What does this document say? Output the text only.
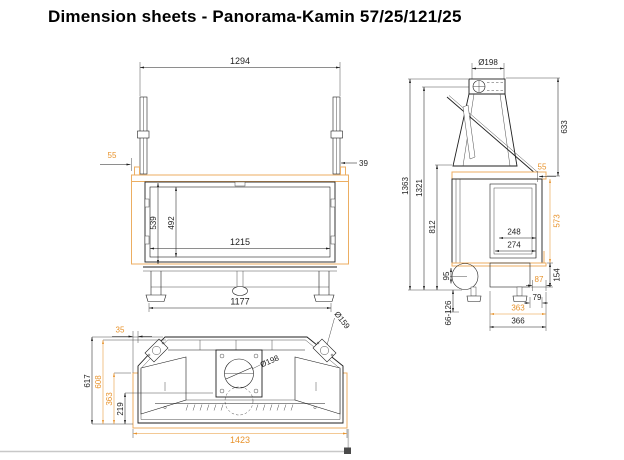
Dimension sheets - Panorama-Kamin 57/25/121/25
1294
55
39
539 492
1215
1177
Ø198
1363 1321
812
55
633
573
154
248
274
95
66-126
87
79
363
366
Ø198
617 608
363
219
35
1423
Ø159
